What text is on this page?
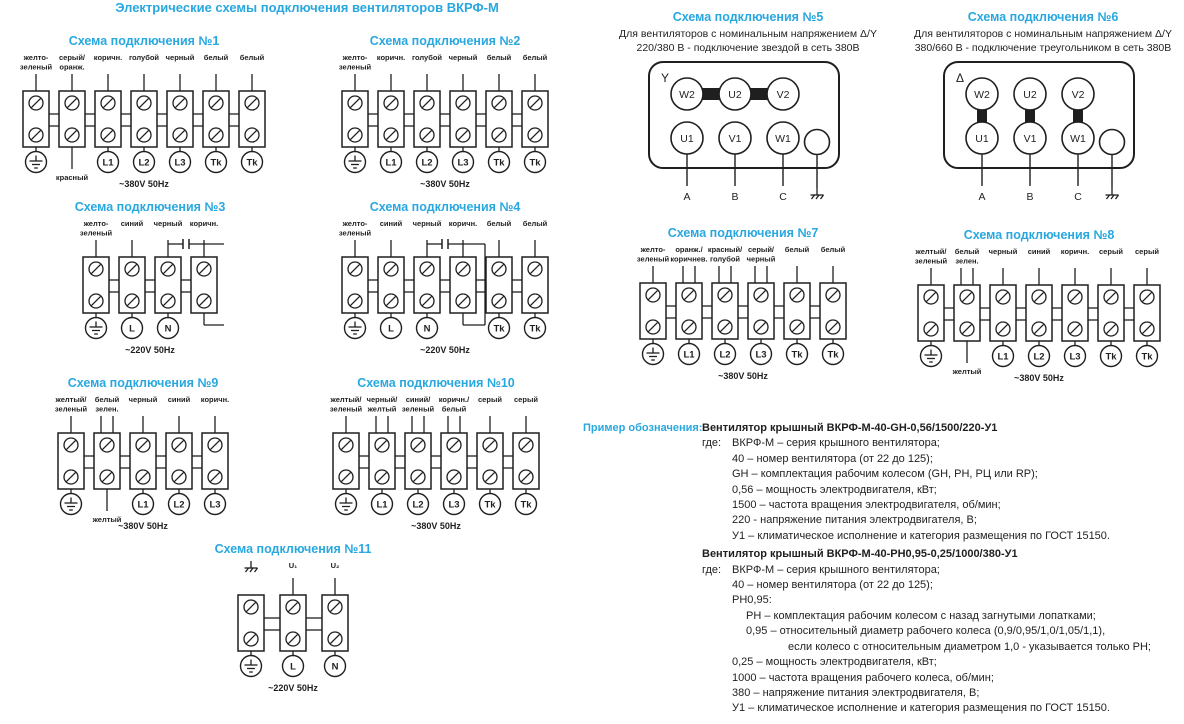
Электрические схемы подключения вентиляторов ВКРФ-М
Схема подключения №1
желто-
зеленый
серый/
оранж.
красный
коричн.
L1
голубой
L2
черный
L3
белый
Tk
белый
Tk
~380V 50Hz
Схема подключения №2
желто-
зеленый
коричн.
L1
голубой
L2
черный
L3
белый
Tk
белый
Tk
~380V 50Hz
Схема подключения №3
желто-
зеленый
синий
L
черный
N
коричн.
~220V 50Hz
Схема подключения №4
желто-
зеленый
синий
L
черный
N
коричн. белый
Tk
белый
Tk
~220V 50Hz
Схема подключения №5
Для вентиляторов с номинальным напряжением Δ/Y 220/380 В - подключение звездой в сеть 380В
Y
W2	U2	V2
U1
A
V1
B
W1
C
Схема подключения №6
Для вентиляторов с номинальным напряжением Δ/Y 380/660 В - подключение треугольником в сеть 380В
Δ
W2	U2	V2
U1
A
V1
B
W1
C
Схема подключения №7
желто-
зеленый
оранж./
коричнев.
L1
красный/
голубой
L2
серый/
черный
L3
белый
Tk
белый
Tk
~380V 50Hz
Схема подключения №8
желтый/
зеленый
белый
зелен.
желтый
черный
L1
синий
L2
коричн.
L3
серый
Tk
серый
Tk
~380V 50Hz
Схема подключения №9
желтый/
зеленый
белый
зелен.
желтый
черный
L1
синий
L2
коричн.
L3
~380V 50Hz
Схема подключения №10
желтый/
зеленый
черный/
желтый
L1
синий/
зеленый
L2
коричн./
белый
L3
серый
Tk
серый
Tk
~380V 50Hz
Схема подключения №11
U₁
L
U₂
N
~220V 50Hz
Пример обозначения: Вентилятор крышный ВКРФ-М-40-GH-0,56/1500/220-У1
где: ВКРФ-М – серия крышного вентилятора;
40 – номер вентилятора (от 22 до 125);
GH – комплектация рабочим колесом (GH, PH, РЦ или RP);
0,56 – мощность электродвигателя, кВт;
1500 – частота вращения электродвигателя, об/мин;
220 - напряжение питания электродвигателя, В;
У1 – климатическое исполнение и категория размещения по ГОСТ 15150.
Вентилятор крышный ВКРФ-М-40-РН0,95-0,25/1000/380-У1
где: ВКРФ-М – серия крышного вентилятора;
40 – номер вентилятора (от 22 до 125);
РН0,95:
РН – комплектация рабочим колесом с назад загнутыми лопатками;
0,95 – относительный диаметр рабочего колеса (0,9/0,95/1,0/1,05/1,1),
если колесо с относительным диаметром 1,0 - указывается только РН;
0,25 – мощность электродвигателя, кВт;
1000 – частота вращения рабочего колеса, об/мин;
380 – напряжение питания электродвигателя, В;
У1 – климатическое исполнение и категория размещения по ГОСТ 15150.
